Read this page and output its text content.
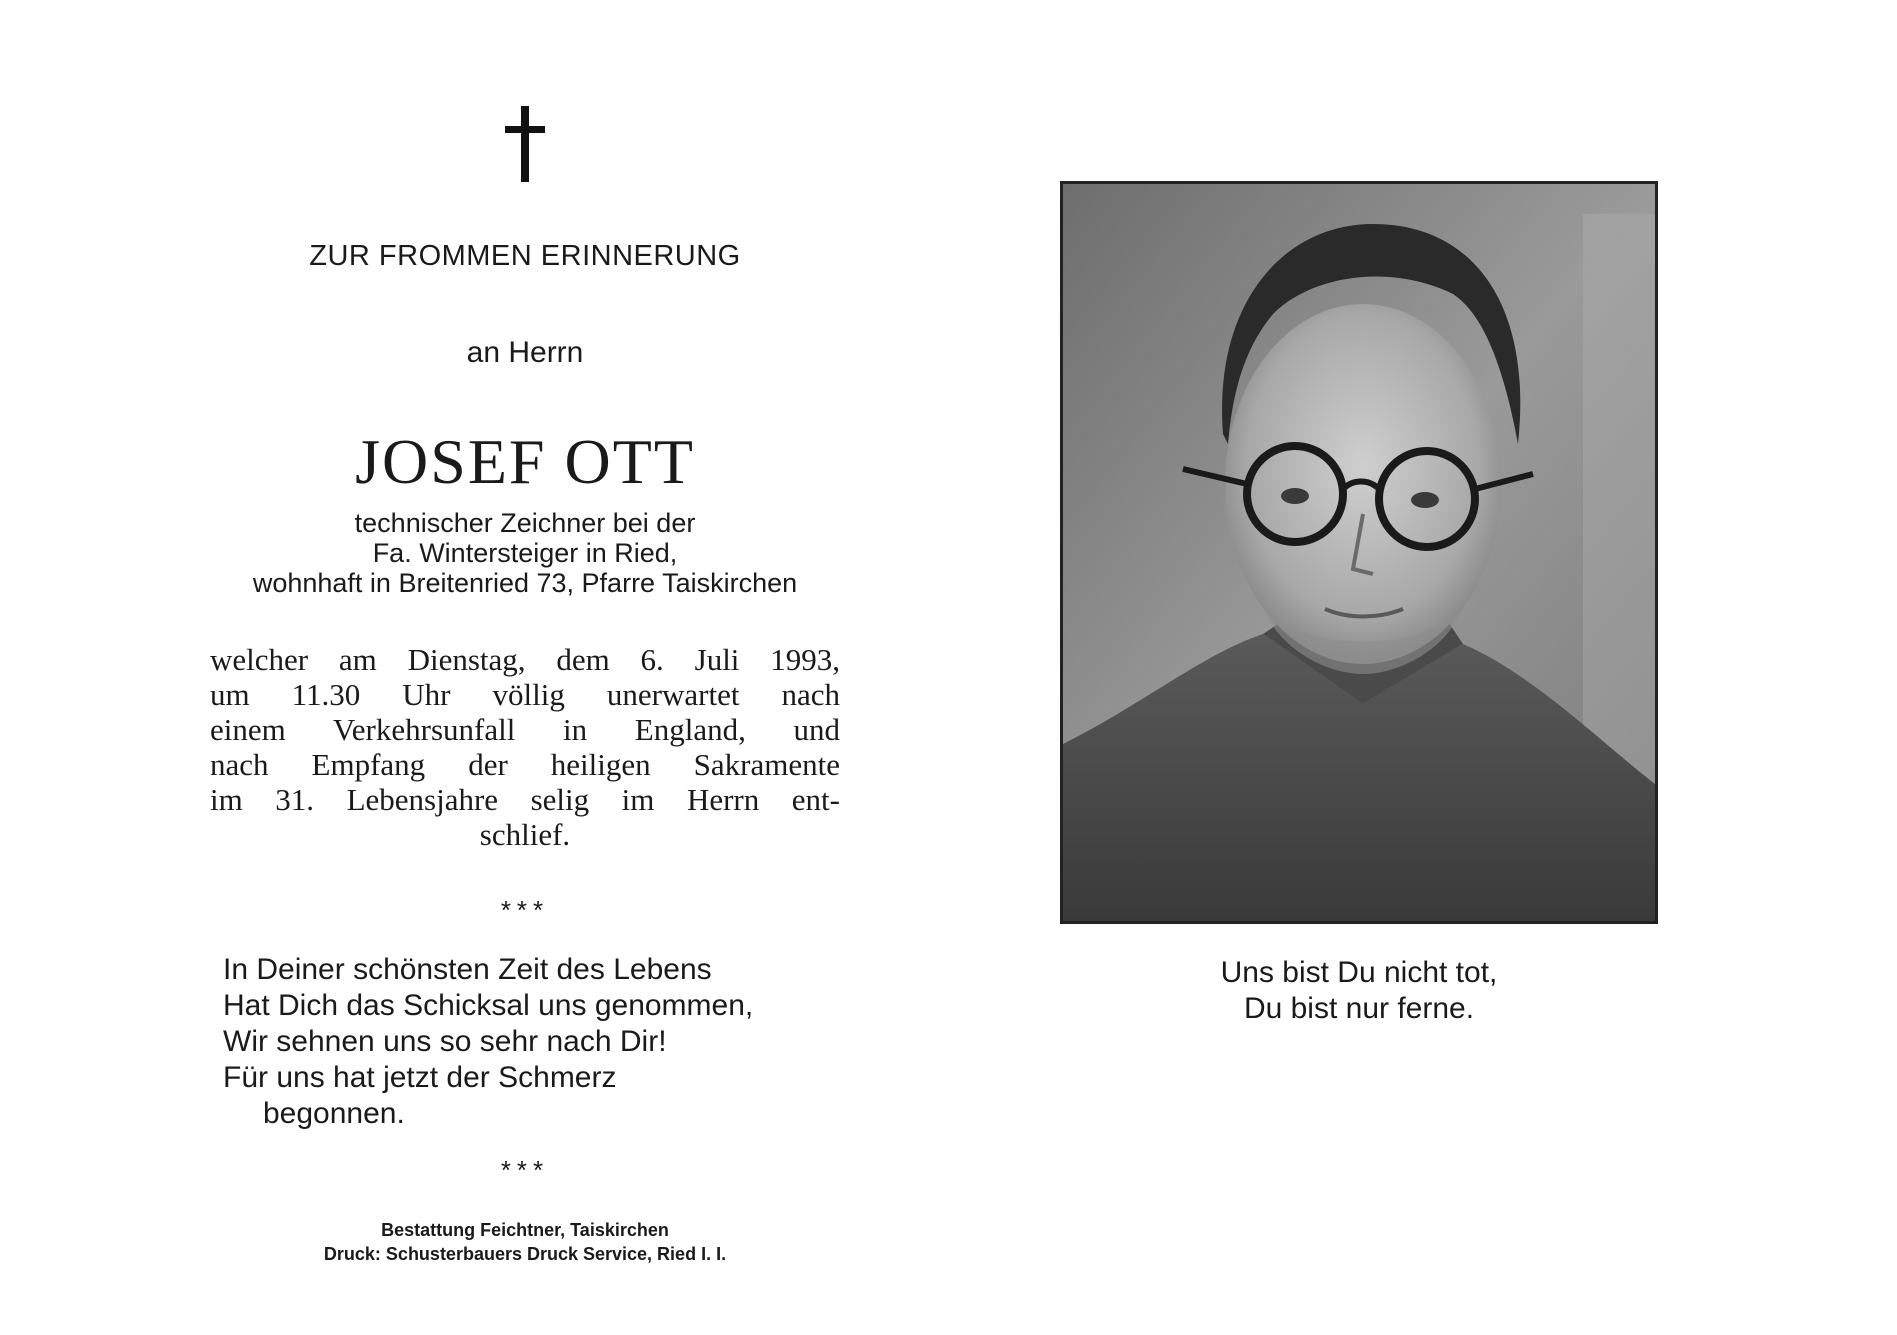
ZUR FROMMEN ERINNERUNG
an Herrn
JOSEF OTT
technischer Zeichner bei der
Fa. Wintersteiger in Ried,
wohnhaft in Breitenried 73, Pfarre Taiskirchen
welcher am Dienstag, dem 6. Juli 1993,
um 11.30 Uhr völlig unerwartet nach
einem Verkehrsunfall in England, und
nach Empfang der heiligen Sakramente
im 31. Lebensjahre selig im Herrn ent-
schlief.
***
In Deiner schönsten Zeit des Lebens
Hat Dich das Schicksal uns genommen,
Wir sehnen uns so sehr nach Dir!
Für uns hat jetzt der Schmerz
begonnen.
***
Bestattung Feichtner, Taiskirchen
Druck: Schusterbauers Druck Service, Ried I. I.
Uns bist Du nicht tot,
Du bist nur ferne.
